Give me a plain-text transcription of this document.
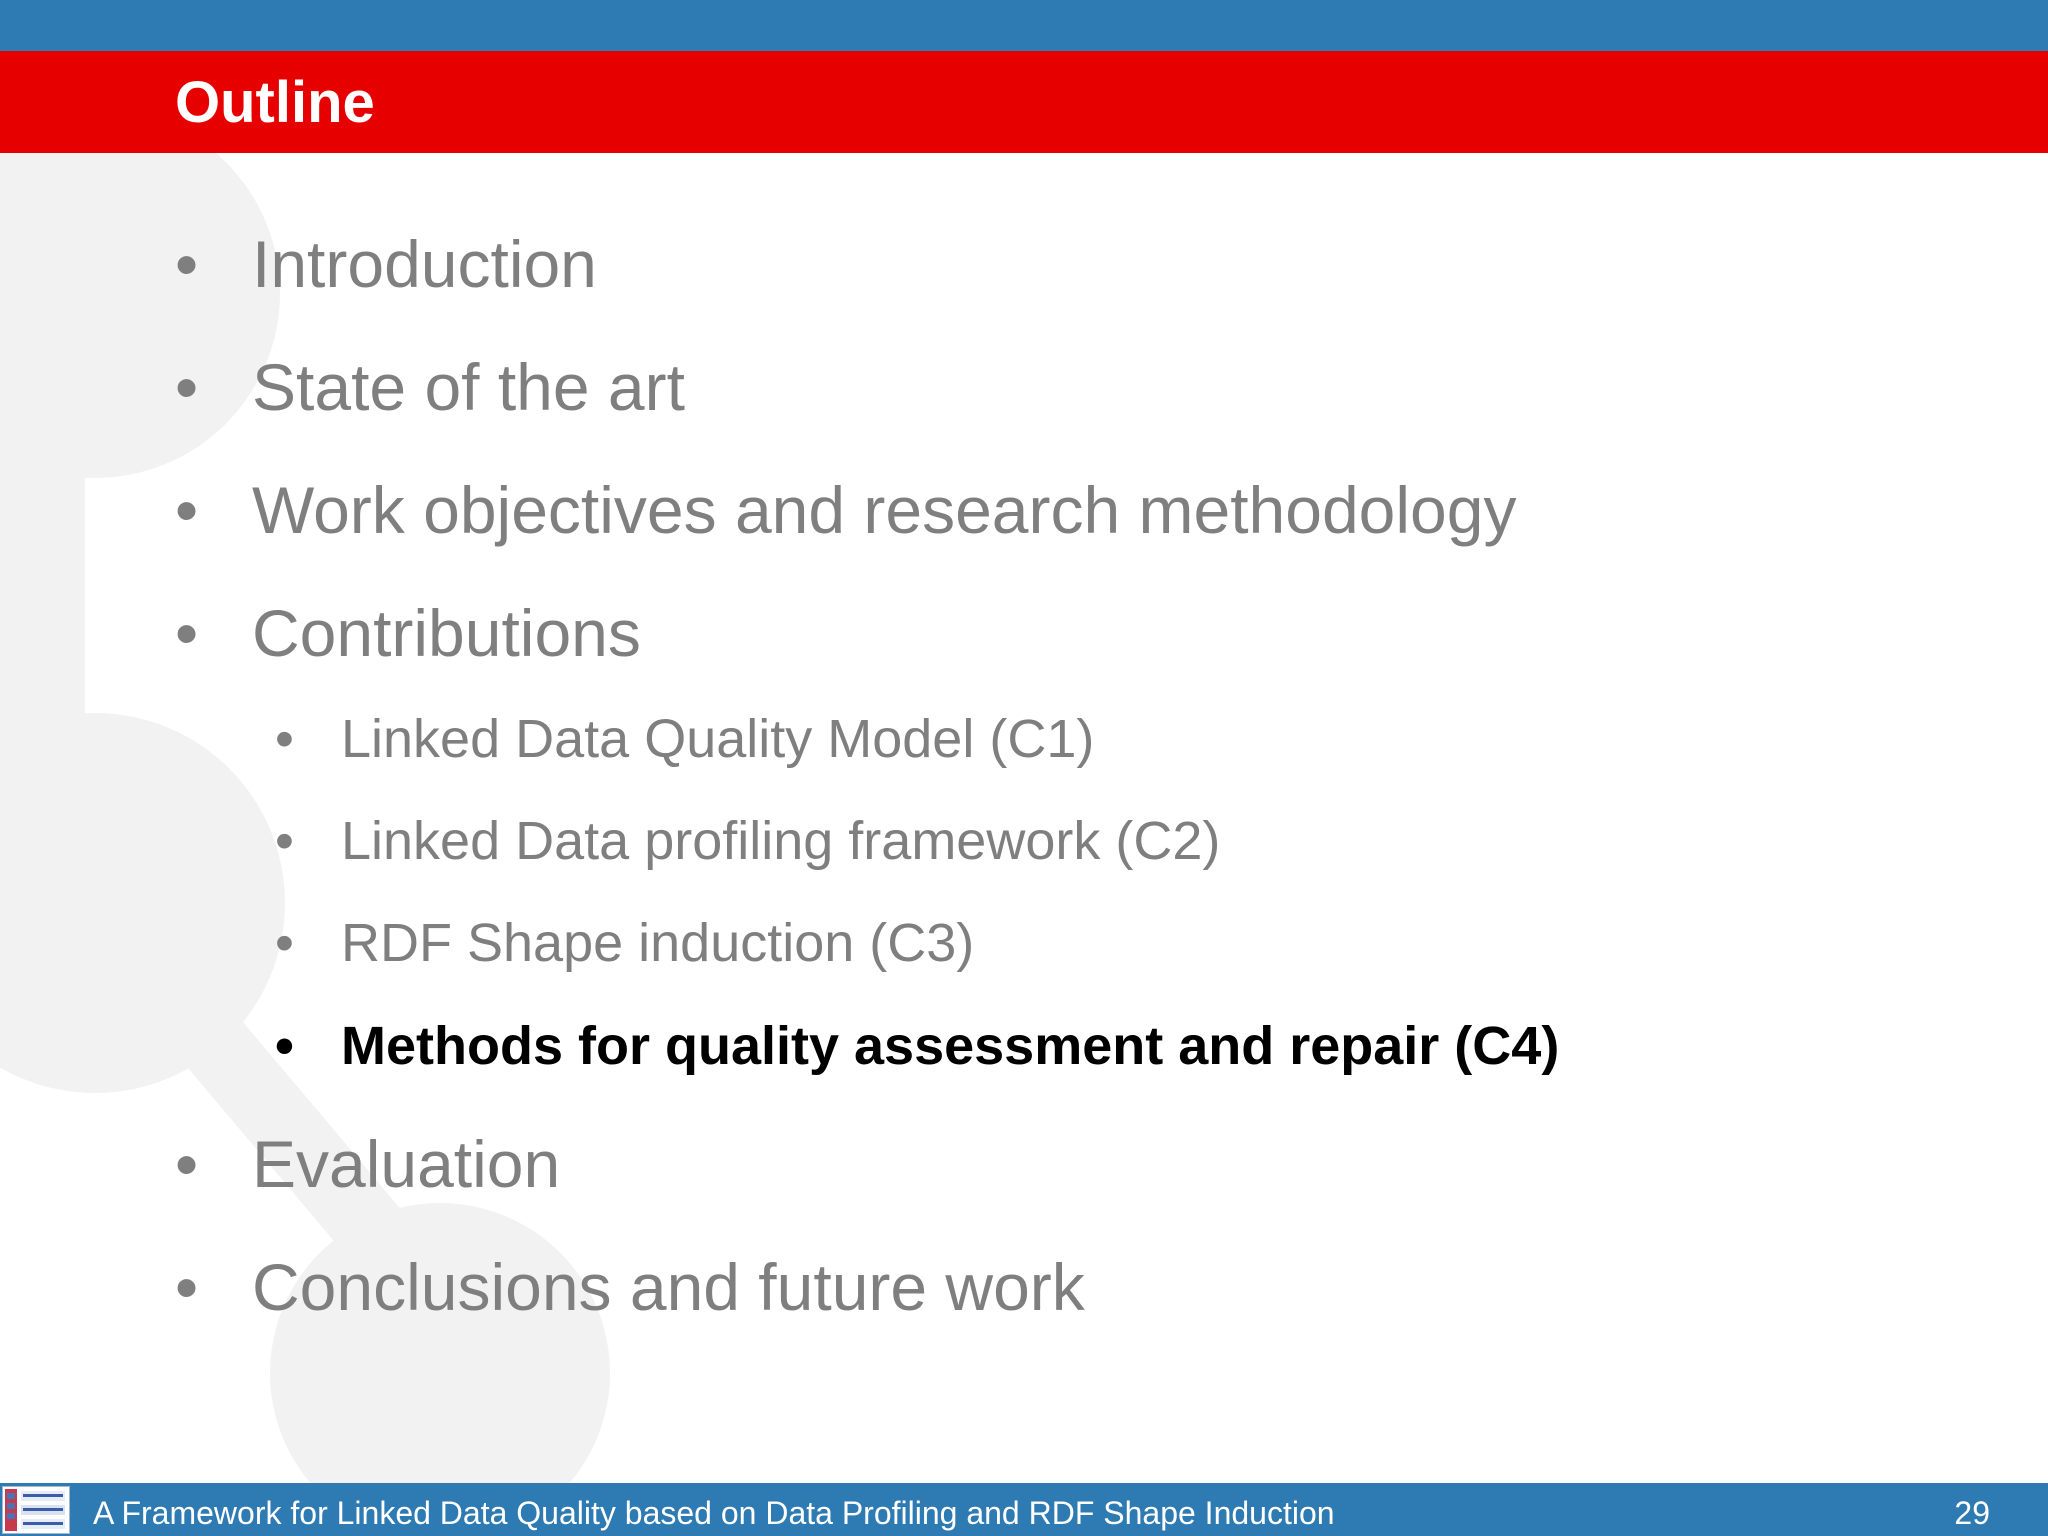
Outline
• Introduction
• State of the art
• Work objectives and research methodology
• Contributions
• Linked Data Quality Model (C1)
• Linked Data profiling framework (C2)
• RDF Shape induction (C3)
• Methods for quality assessment and repair (C4)
• Evaluation
• Conclusions and future work
A Framework for Linked Data Quality based on Data Profiling and RDF Shape Induction	29
